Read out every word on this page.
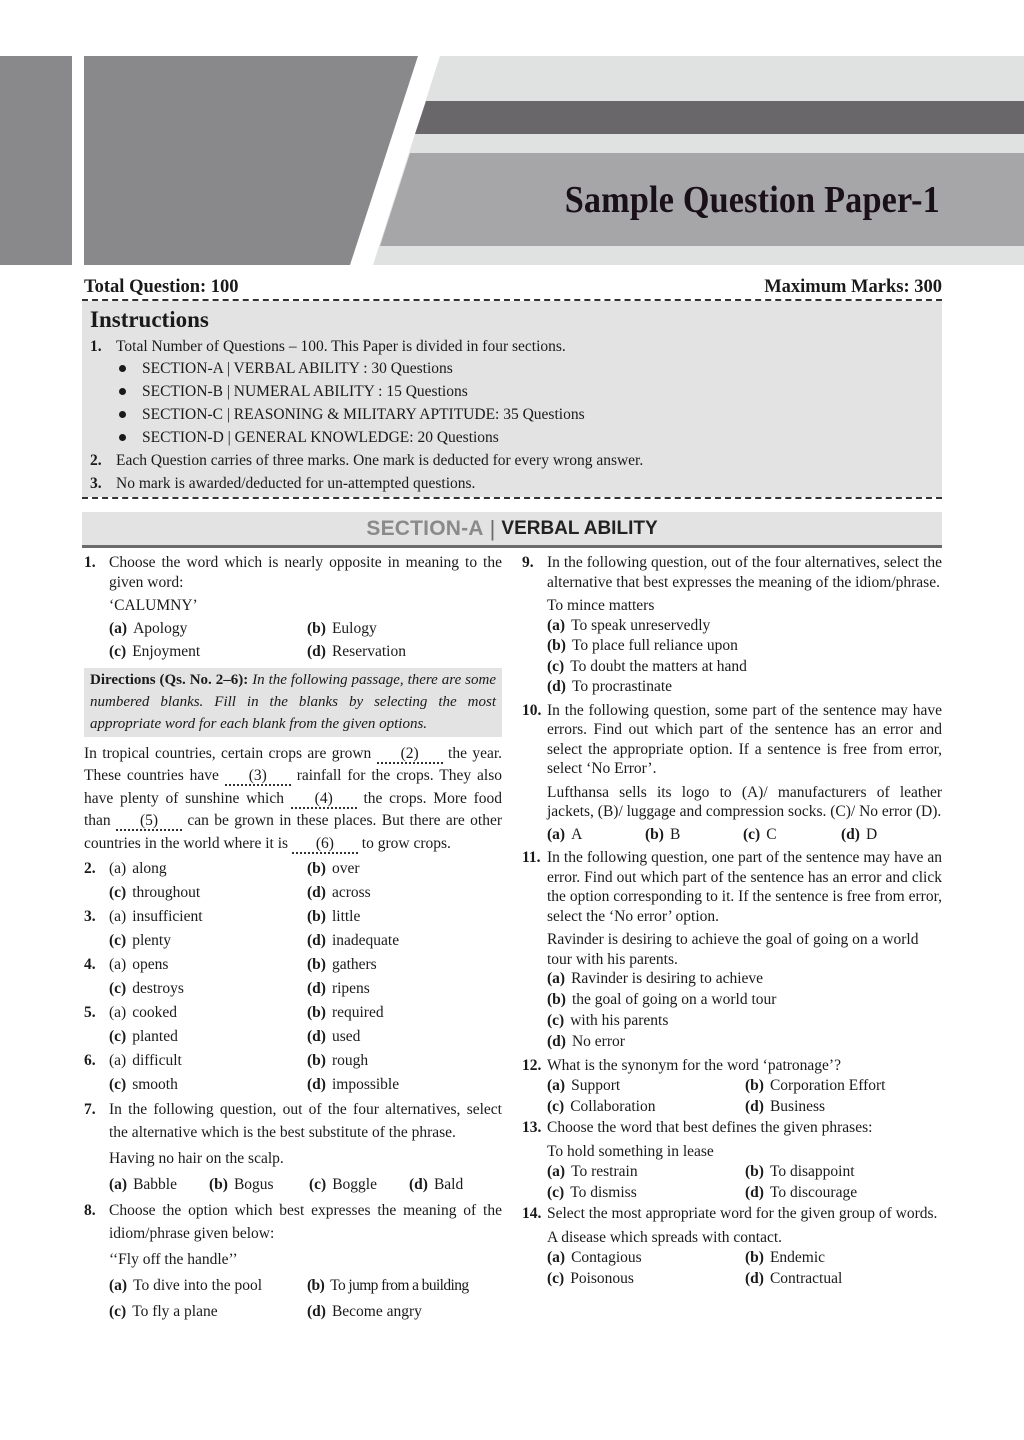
Sample Question Paper-1
Total Question: 100	Maximum Marks: 300
Instructions
1. Total Number of Questions – 100. This Paper is divided in four sections.
SECTION-A | VERBAL ABILITY : 30 Questions
SECTION-B | NUMERAL ABILITY : 15 Questions
SECTION-C | REASONING & MILITARY APTITUDE: 35 Questions
SECTION-D | GENERAL KNOWLEDGE: 20 Questions
2. Each Question carries of three marks. One mark is deducted for every wrong answer.
3. No mark is awarded/deducted for un-attempted questions.
SECTION-A | VERBAL ABILITY
1. Choose the word which is nearly opposite in meaning to the given word:
‘CALUMNY’
(a) Apology	(b) Eulogy
(c) Enjoyment	(d) Reservation
Directions (Qs. No. 2–6): In the following passage, there are some numbered blanks. Fill in the blanks by selecting the most appropriate word for each blank from the given options.
In tropical countries, certain crops are grown (2) the year. These countries have (3) rainfall for the crops. They also have plenty of sunshine which (4) the crops. More food than (5) can be grown in these places. But there are other countries in the world where it is (6) to grow crops.
2. (a) along	(b) over
(c) throughout	(d) across
3. (a) insufficient	(b) little
(c) plenty	(d) inadequate
4. (a) opens	(b) gathers
(c) destroys	(d) ripens
5. (a) cooked	(b) required
(c) planted	(d) used
6. (a) difficult	(b) rough
(c) smooth	(d) impossible
7. In the following question, out of the four alternatives, select the alternative which is the best substitute of the phrase.
Having no hair on the scalp.
(a) Babble	(b) Bogus	(c) Boggle	(d) Bald
8. Choose the option which best expresses the meaning of the idiom/phrase given below:
‘‘Fly off the handle’’
(a) To dive into the pool	(b) To jump from a building
(c) To fly a plane	(d) Become angry
9. In the following question, out of the four alternatives, select the alternative that best expresses the meaning of the idiom/phrase.
To mince matters
(a) To speak unreservedly
(b) To place full reliance upon
(c) To doubt the matters at hand
(d) To procrastinate
10. In the following question, some part of the sentence may have errors. Find out which part of the sentence has an error and select the appropriate option. If a sentence is free from error, select ‘No Error’.
Lufthansa sells its logo to (A)/ manufacturers of leather jackets, (B)/ luggage and compression socks. (C)/ No error (D).
(a) A	(b) B	(c) C	(d) D
11. In the following question, one part of the sentence may have an error. Find out which part of the sentence has an error and click the option corresponding to it. If the sentence is free from error, select the ‘No error’ option.
Ravinder is desiring to achieve the goal of going on a world tour with his parents.
(a) Ravinder is desiring to achieve
(b) the goal of going on a world tour
(c) with his parents
(d) No error
12. What is the synonym for the word ‘patronage’?
(a) Support	(b) Corporation Effort
(c) Collaboration	(d) Business
13. Choose the word that best defines the given phrases:
To hold something in lease
(a) To restrain	(b) To disappoint
(c) To dismiss	(d) To discourage
14. Select the most appropriate word for the given group of words.
A disease which spreads with contact.
(a) Contagious	(b) Endemic
(c) Poisonous	(d) Contractual
